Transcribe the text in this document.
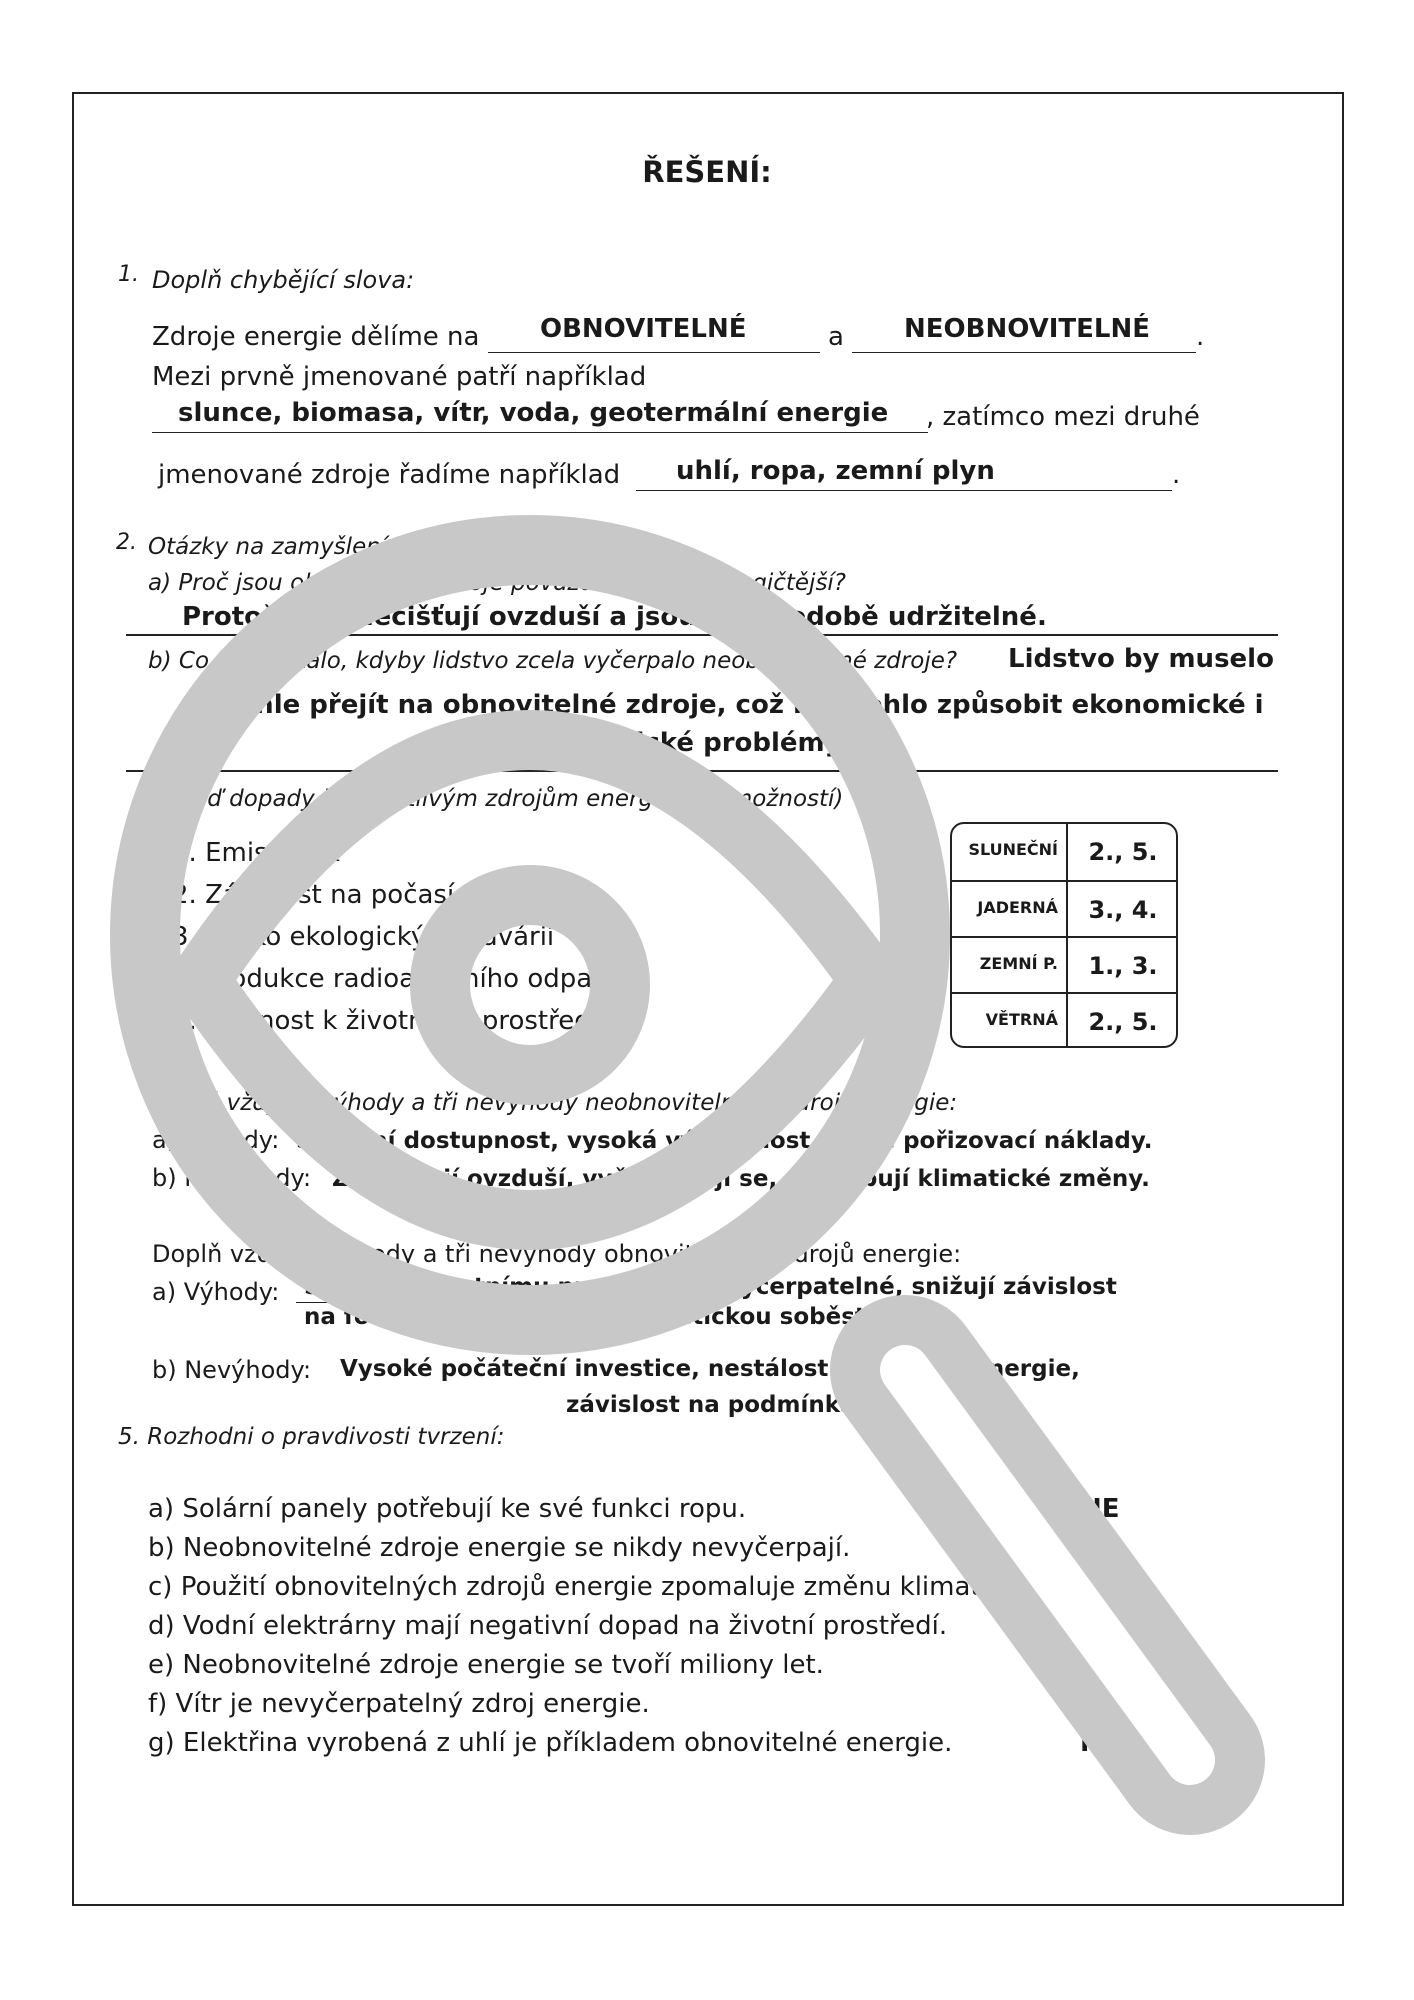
ŘEŠENÍ:
1. Doplň chybějící slova:
Zdroje energie dělíme na OBNOVITELNÉ	a NEOBNOVITELNÉ .
Mezi prvně jmenované patří například
slunce, biomasa, vítr, voda, geotermální energie , zatímco mezi druhé
jmenované zdroje řadíme například uhlí, ropa, zemní plyn	.
2. Otázky na zamyšlení
a) Proč jsou obnovitelné zdroje považovány za ekologičtější?
Protože neznečišťují ovzduší a jsou dlouhodobě udržitelné.
b) Co by se stalo, kdyby lidstvo zcela vyčerpalo neobnovitelné zdroje? Lidstvo by muselo
rychle přejít na obnovitelné zdroje, což by mohlo způsobit ekonomické i
ekologické problémy.
Přiřaď dopady k jednotlivým zdrojům energie (víc možností)
1. Emise CO₂
2. Závislost na počasí
3. Riziko ekologických havárií
4. Produkce radioaktivního odpadu
5. Šetrnost k životnímu prostředí
SLUNEČNÍ	2., 5.
JADERNÁ	3., 4.
ZEMNÍ P.	1., 3.
VĚTRNÁ	2., 5.
Doplň vždy tři výhody a tři nevýhody neobnovitelných zdrojů energie:
a) Výhody: Stabilní dostupnost, vysoká výhřevnost, nízké pořizovací náklady.
b) Nevýhody: Znečišťují ovzduší, vyčerpávají se, způsobují klimatické změny.
Doplň vždy tři výhody a tři nevýhody obnovitelných zdrojů energie:
a) Výhody: Šetrné k životnímu prostředí, nevyčerpatelné, snižují závislost
na fosilních palivech a energetickou soběstačnost.
b) Nevýhody: Vysoké počáteční investice, nestálost ve výrobě energie,
závislost na podmínkách prostředí.
5. Rozhodni o pravdivosti tvrzení:
a) Solární panely potřebují ke své funkci ropu.	NE
b) Neobnovitelné zdroje energie se nikdy nevyčerpají.	NE
c) Použití obnovitelných zdrojů energie zpomaluje změnu klimatu.	ANO
d) Vodní elektrárny mají negativní dopad na životní prostředí.	ANO
e) Neobnovitelné zdroje energie se tvoří miliony let.	ANO
f) Vítr je nevyčerpatelný zdroj energie.	ANO
g) Elektřina vyrobená z uhlí je příkladem obnovitelné energie.	NE
